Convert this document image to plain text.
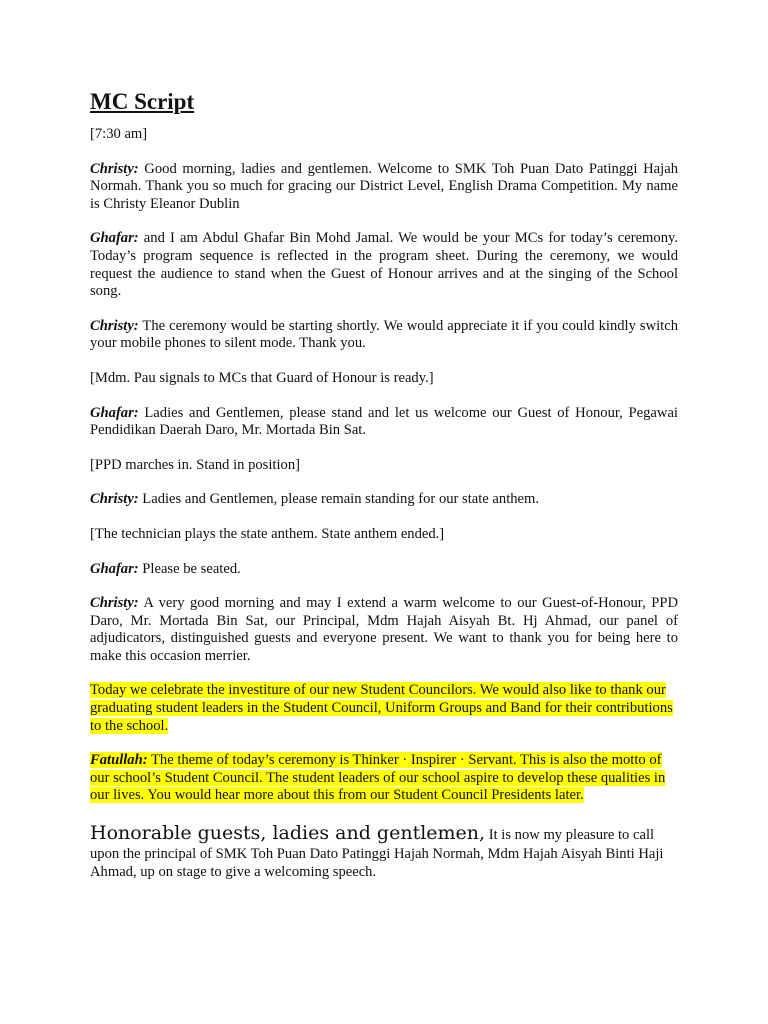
MC Script

[7:30 am]

Christy: Good morning, ladies and gentlemen. Welcome to SMK Toh Puan Dato Patinggi Hajah Normah. Thank you so much for gracing our District Level, English Drama Competition. My name is Christy Eleanor Dublin

Ghafar: and I am Abdul Ghafar Bin Mohd Jamal. We would be your MCs for today’s ceremony. Today’s program sequence is reflected in the program sheet. During the ceremony, we would request the audience to stand when the Guest of Honour arrives and at the singing of the School song.

Christy: The ceremony would be starting shortly. We would appreciate it if you could kindly switch your mobile phones to silent mode. Thank you.

[Mdm. Pau signals to MCs that Guard of Honour is ready.]

Ghafar: Ladies and Gentlemen, please stand and let us welcome our Guest of Honour, Pegawai Pendidikan Daerah Daro, Mr. Mortada Bin Sat.

[PPD marches in. Stand in position]

Christy: Ladies and Gentlemen, please remain standing for our state anthem.

[The technician plays the state anthem. State anthem ended.]

Ghafar: Please be seated.

Christy: A very good morning and may I extend a warm welcome to our Guest-of-Honour, PPD Daro, Mr. Mortada Bin Sat, our Principal, Mdm Hajah Aisyah Bt. Hj Ahmad, our panel of adjudicators, distinguished guests and everyone present. We want to thank you for being here to make this occasion merrier.

Today we celebrate the investiture of our new Student Councilors. We would also like to thank our graduating student leaders in the Student Council, Uniform Groups and Band for their contributions to the school.

Fatullah: The theme of today’s ceremony is Thinker · Inspirer · Servant. This is also the motto of our school’s Student Council. The student leaders of our school aspire to develop these qualities in our lives. You would hear more about this from our Student Council Presidents later.

Honorable guests, ladies and gentlemen, It is now my pleasure to call upon the principal of SMK Toh Puan Dato Patinggi Hajah Normah, Mdm Hajah Aisyah Binti Haji Ahmad, up on stage to give a welcoming speech.
